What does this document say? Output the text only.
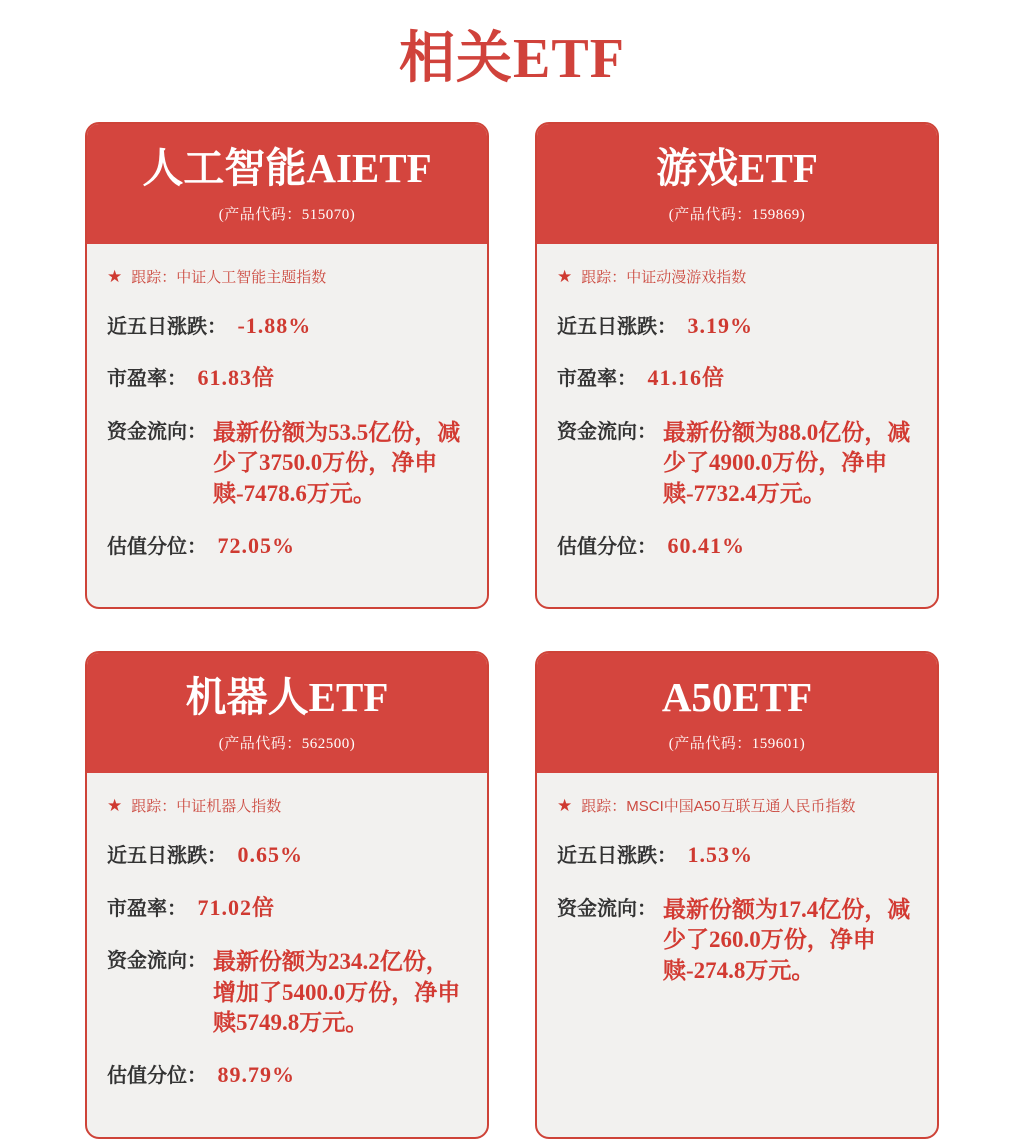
相关ETF
人工智能AIETF
(产品代码：515070)
★ 跟踪： 中证人工智能主题指数
近五日涨跌： -1.88%
市盈率： 61.83倍
资金流向： 最新份额为53.5亿份，减少了3750.0万份，净申赎-7478.6万元。
估值分位： 72.05%
游戏ETF
(产品代码：159869)
★ 跟踪： 中证动漫游戏指数
近五日涨跌： 3.19%
市盈率： 41.16倍
资金流向： 最新份额为88.0亿份，减少了4900.0万份，净申赎-7732.4万元。
估值分位： 60.41%
机器人ETF
(产品代码：562500)
★ 跟踪： 中证机器人指数
近五日涨跌： 0.65%
市盈率： 71.02倍
资金流向： 最新份额为234.2亿份，增加了5400.0万份，净申赎5749.8万元。
估值分位： 89.79%
A50ETF
(产品代码：159601)
★ 跟踪： MSCI中国A50互联互通人民币指数
近五日涨跌： 1.53%
资金流向： 最新份额为17.4亿份，减少了260.0万份，净申赎-274.8万元。
